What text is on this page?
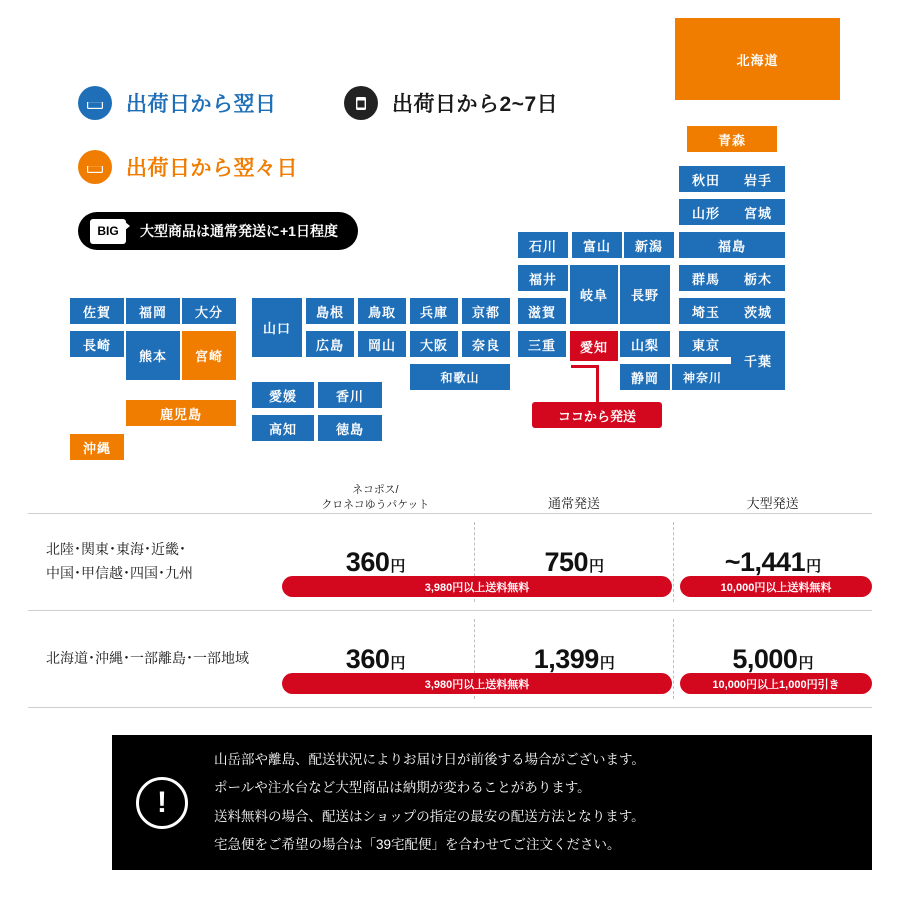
出荷日から翌日	出荷日から2~7日
出荷日から翌々日
BIG	大型商品は通常発送に+1日程度
北海道
青森
秋田	岩手
山形	宮城
福島
群馬	栃木
埼玉	茨城
東京
千葉
神奈川
静岡
山梨
長野
新潟
富山
石川
福井
岐阜
愛知
三重
滋賀
京都
奈良
大阪
兵庫
和歌山
鳥取
島根
岡山
広島
山口
香川
愛媛
徳島
高知
福岡
佐賀
長崎
熊本
大分
宮崎
鹿児島
沖縄
ココから発送
ネコポス/
クロネコゆうパケット	通常発送	大型発送
北陸･関東･東海･近畿･
中国･甲信越･四国･九州	360円	750円	~1,441円
3,980円以上送料無料	10,000円以上送料無料
北海道･沖縄･一部離島･一部地域	360円	1,399円	5,000円
3,980円以上送料無料	10,000円以上1,000円引き
!
山岳部や離島、配送状況によりお届け日が前後する場合がございます。
ポールや注水台など大型商品は納期が変わることがあります。
送料無料の場合、配送はショップの指定の最安の配送方法となります。
宅急便をご希望の場合は「39宅配便」を合わせてご注文ください。
